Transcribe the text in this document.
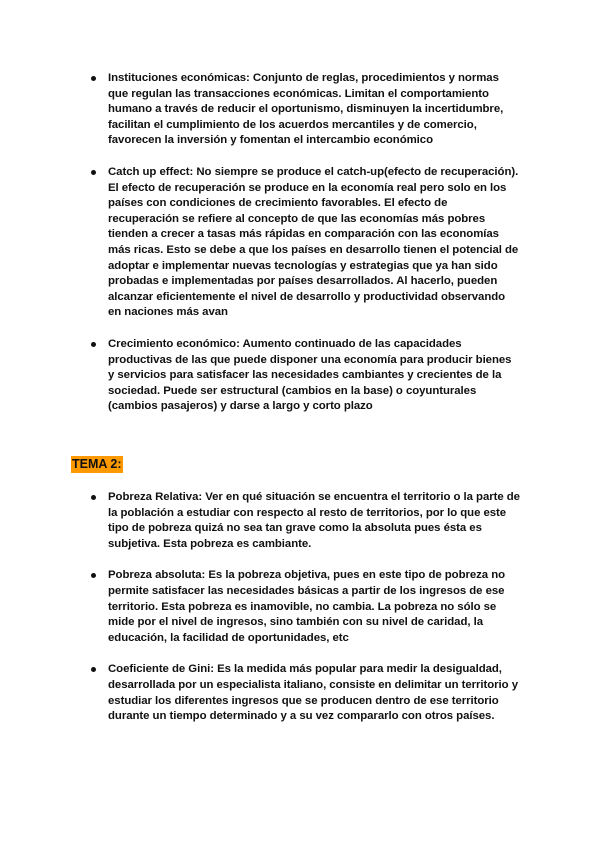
Instituciones económicas: Conjunto de reglas, procedimientos y normas que regulan las transacciones económicas. Limitan el comportamiento humano a través de reducir el oportunismo, disminuyen la incertidumbre, facilitan el cumplimiento de los acuerdos mercantiles y de comercio, favorecen la inversión y fomentan el intercambio económico
Catch up effect: No siempre se produce el catch-up(efecto de recuperación). El efecto de recuperación se produce en la economía real pero solo en los países con condiciones de crecimiento favorables. El efecto de recuperación se refiere al concepto de que las economías más pobres tienden a crecer a tasas más rápidas en comparación con las economías más ricas. Esto se debe a que los países en desarrollo tienen el potencial de adoptar e implementar nuevas tecnologías y estrategias que ya han sido probadas e implementadas por países desarrollados. Al hacerlo, pueden alcanzar eficientemente el nivel de desarrollo y productividad observando en naciones más avan
Crecimiento económico: Aumento continuado de las capacidades productivas de las que puede disponer una economía para producir bienes y servicios para satisfacer las necesidades cambiantes y crecientes de la sociedad. Puede ser estructural (cambios en la base) o coyunturales (cambios pasajeros) y darse a largo y corto plazo
TEMA 2:
Pobreza Relativa: Ver en qué situación se encuentra el territorio o la parte de la población a estudiar con respecto al resto de territorios, por lo que este tipo de pobreza quizá no sea tan grave como la absoluta pues ésta es subjetiva. Esta pobreza es cambiante.
Pobreza absoluta: Es la pobreza objetiva, pues en este tipo de pobreza no permite satisfacer las necesidades básicas a partir de los ingresos de ese territorio. Esta pobreza es inamovible, no cambia. La pobreza no sólo se mide por el nivel de ingresos, sino también con su nivel de caridad, la educación, la facilidad de oportunidades, etc
Coeficiente de Gini: Es la medida más popular para medir la desigualdad, desarrollada por un especialista italiano, consiste en delimitar un territorio y estudiar los diferentes ingresos que se producen dentro de ese territorio durante un tiempo determinado y a su vez compararlo con otros países.
